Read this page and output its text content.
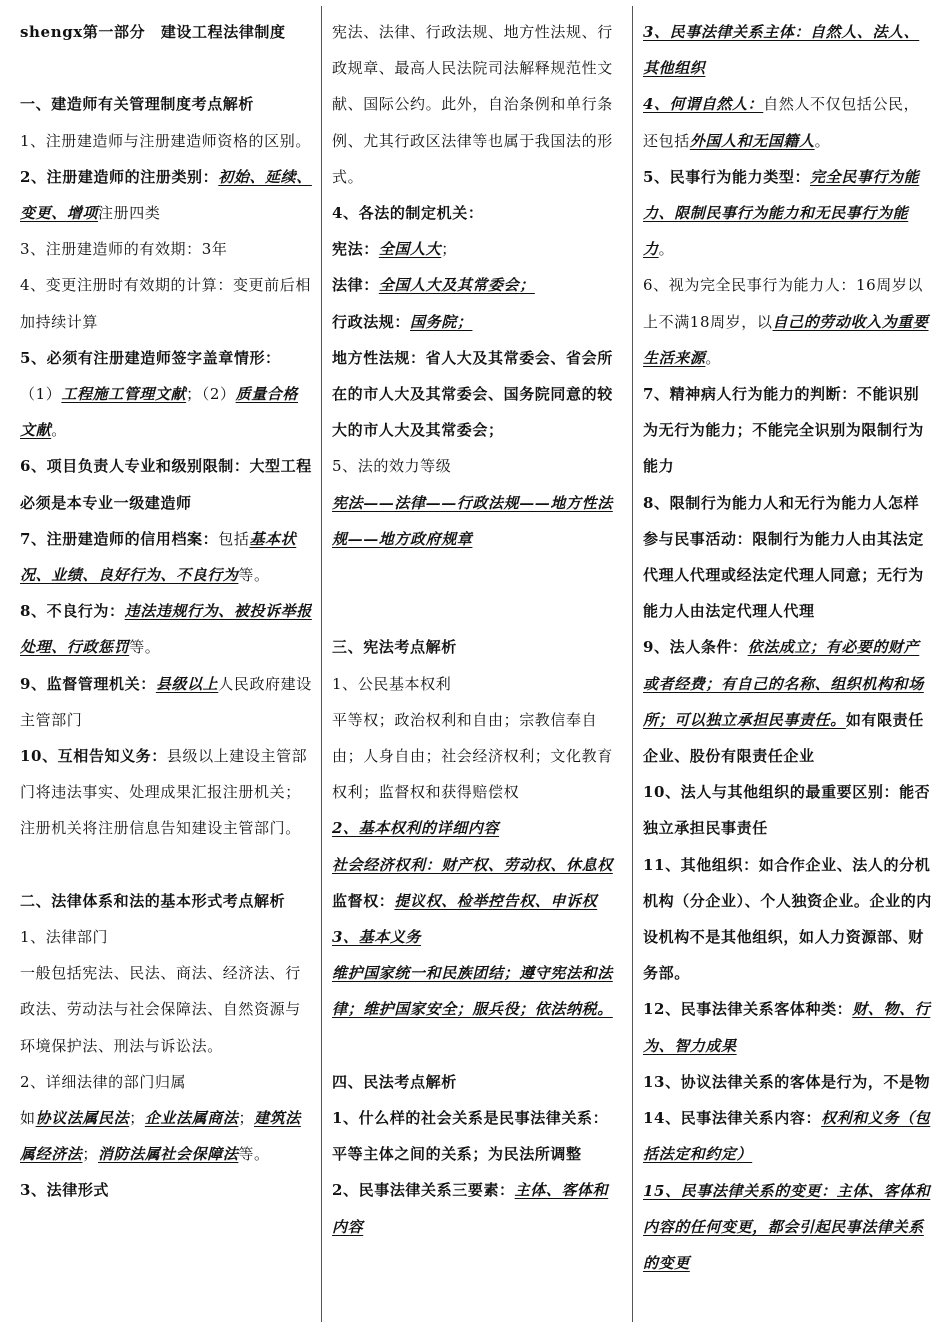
shengx第一部分　建设工程法律制度

一、建造师有关管理制度考点解析

1、注册建造师与注册建造师资格的区别。

2、注册建造师的注册类别：初始、延续、变更、增项注册四类

3、注册建造师的有效期：3年

4、变更注册时有效期的计算：变更前后相加持续计算

5、必须有注册建造师签字盖章情形：（1）工程施工管理文献；（2）质量合格文献。

6、项目负责人专业和级别限制：大型工程必须是本专业一级建造师

7、注册建造师的信用档案：包括基本状况、业绩、良好行为、不良行为等。

8、不良行为：违法违规行为、被投诉举报处理、行政惩罚等。

9、监督管理机关：县级以上人民政府建设主管部门

10、互相告知义务：县级以上建设主管部门将违法事实、处理成果汇报注册机关；注册机关将注册信息告知建设主管部门。

二、法律体系和法的基本形式考点解析

1、法律部门

一般包括宪法、民法、商法、经济法、行政法、劳动法与社会保障法、自然资源与环境保护法、刑法与诉讼法。

2、详细法律的部门归属

如协议法属民法；企业法属商法；建筑法属经济法；消防法属社会保障法等。

3、法律形式

宪法、法律、行政法规、地方性法规、行政规章、最高人民法院司法解释规范性文献、国际公约。此外，自治条例和单行条例、尤其行政区法律等也属于我国法的形式。

4、各法的制定机关：

宪法：全国人大；

法律：全国人大及其常委会；

行政法规：国务院；

地方性法规：省人大及其常委会、省会所在的市人大及其常委会、国务院同意的较大的市人大及其常委会；

5、法的效力等级

宪法——法律——行政法规——地方性法规——地方政府规章

三、宪法考点解析

1、公民基本权利

平等权；政治权利和自由；宗教信奉自由；人身自由；社会经济权利；文化教育权利；监督权和获得赔偿权

2、基本权利的详细内容

社会经济权利：财产权、劳动权、休息权

监督权：提议权、检举控告权、申诉权

3、基本义务

维护国家统一和民族团结；遵守宪法和法律；维护国家安全；服兵役；依法纳税。

四、民法考点解析

1、什么样的社会关系是民事法律关系：平等主体之间的关系；为民法所调整

2、民事法律关系三要素：主体、客体和内容

3、民事法律关系主体：自然人、法人、其他组织

4、何谓自然人：自然人不仅包括公民，还包括外国人和无国籍人。

5、民事行为能力类型：完全民事行为能力、限制民事行为能力和无民事行为能力。

6、视为完全民事行为能力人：16周岁以上不满18周岁，以自己的劳动收入为重要生活来源。

7、精神病人行为能力的判断：不能识别为无行为能力；不能完全识别为限制行为能力

8、限制行为能力人和无行为能力人怎样参与民事活动：限制行为能力人由其法定代理人代理或经法定代理人同意；无行为能力人由法定代理人代理

9、法人条件：依法成立；有必要的财产或者经费；有自己的名称、组织机构和场所；可以独立承担民事责任。如有限责任企业、股份有限责任企业

10、法人与其他组织的最重要区别：能否独立承担民事责任

11、其他组织：如合作企业、法人的分机机构（分企业）、个人独资企业。企业的内设机构不是其他组织，如人力资源部、财务部。

12、民事法律关系客体种类：财、物、行为、智力成果

13、协议法律关系的客体是行为，不是物

14、民事法律关系内容：权利和义务（包括法定和约定）

15、民事法律关系的变更：主体、客体和内容的任何变更，都会引起民事法律关系的变更
